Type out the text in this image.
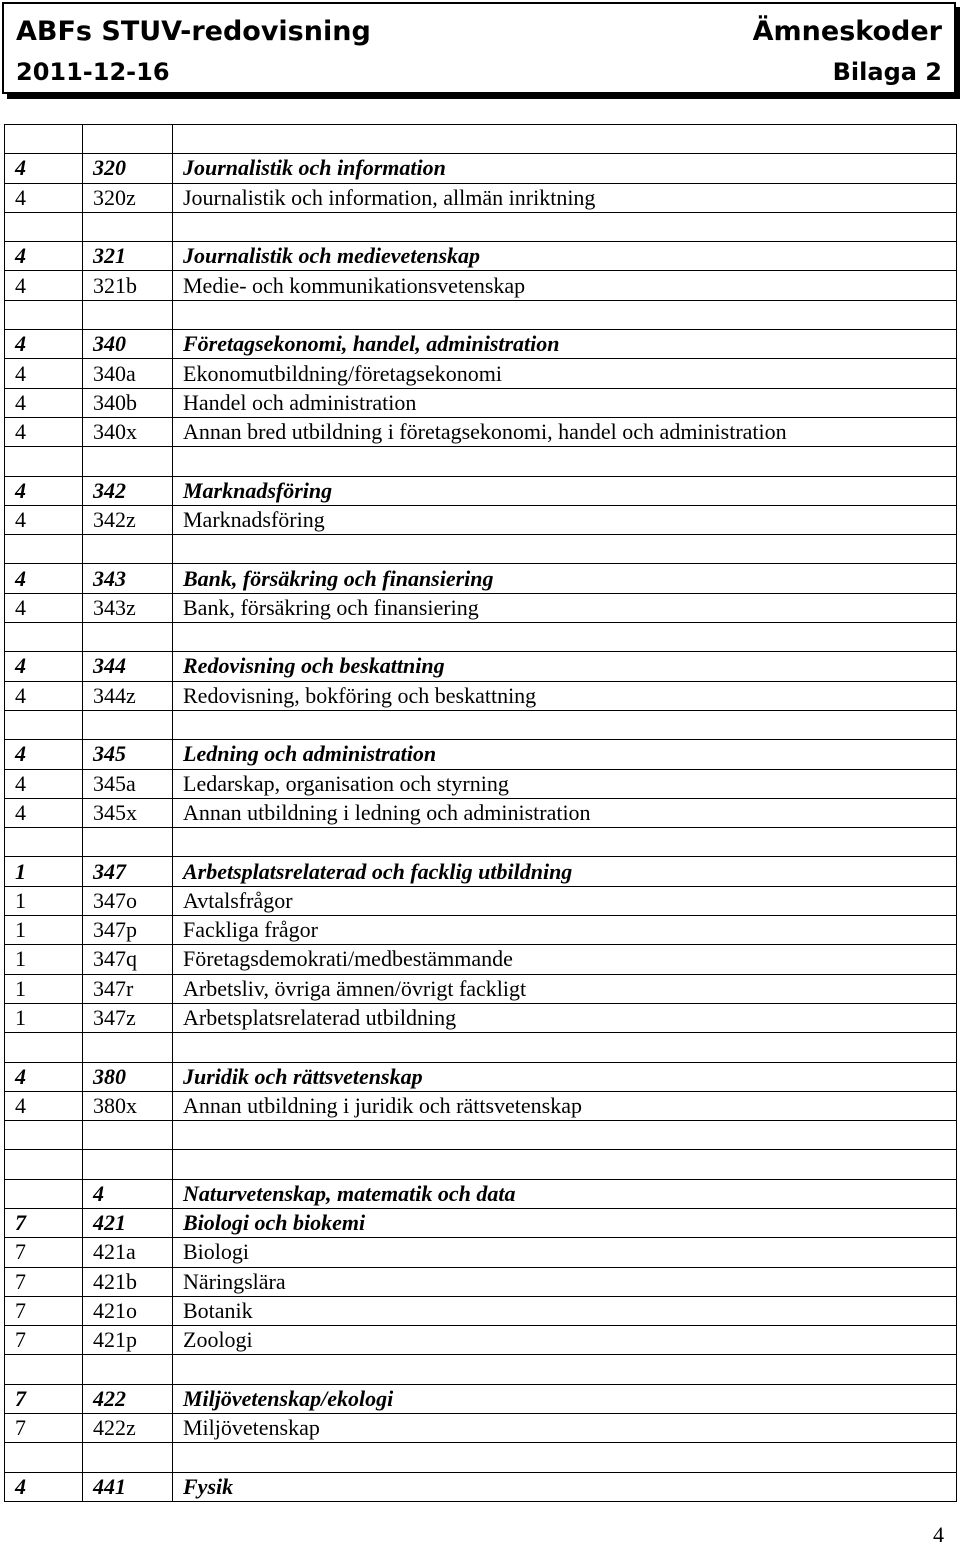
ABFs STUV-redovisning	Ämneskoder
2011-12-16	Bilaga 2

4	320	Journalistik och information
4	320z	Journalistik och information, allmän inriktning

4	321	Journalistik och medievetenskap
4	321b	Medie- och kommunikationsvetenskap

4	340	Företagsekonomi, handel, administration
4	340a	Ekonomutbildning/företagsekonomi
4	340b	Handel och administration
4	340x	Annan bred utbildning i företagsekonomi, handel och administration

4	342	Marknadsföring
4	342z	Marknadsföring

4	343	Bank, försäkring och finansiering
4	343z	Bank, försäkring och finansiering

4	344	Redovisning och beskattning
4	344z	Redovisning, bokföring och beskattning

4	345	Ledning och administration
4	345a	Ledarskap, organisation och styrning
4	345x	Annan utbildning i ledning och administration

1	347	Arbetsplatsrelaterad och facklig utbildning
1	347o	Avtalsfrågor
1	347p	Fackliga frågor
1	347q	Företagsdemokrati/medbestämmande
1	347r	Arbetsliv, övriga ämnen/övrigt fackligt
1	347z	Arbetsplatsrelaterad utbildning

4	380	Juridik och rättsvetenskap
4	380x	Annan utbildning i juridik och rättsvetenskap

	4	Naturvetenskap, matematik och data
7	421	Biologi och biokemi
7	421a	Biologi
7	421b	Näringslära
7	421o	Botanik
7	421p	Zoologi

7	422	Miljövetenskap/ekologi
7	422z	Miljövetenskap

4	441	Fysik
4
